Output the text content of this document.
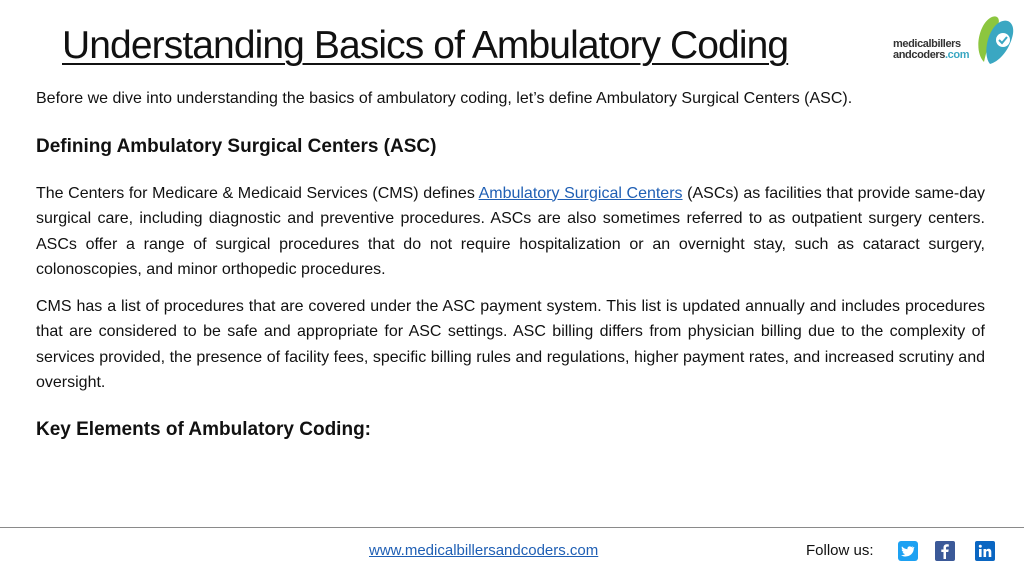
Understanding Basics of Ambulatory Coding	medicalbillers
andcoders.com

Before we dive into understanding the basics of ambulatory coding, let’s define Ambulatory Surgical Centers (ASC).

Defining Ambulatory Surgical Centers (ASC)

The Centers for Medicare & Medicaid Services (CMS) defines Ambulatory Surgical Centers (ASCs) as facilities that provide same-day surgical care, including diagnostic and preventive procedures. ASCs are also sometimes referred to as outpatient surgery centers. ASCs offer a range of surgical procedures that do not require hospitalization or an overnight stay, such as cataract surgery, colonoscopies, and minor orthopedic procedures.

CMS has a list of procedures that are covered under the ASC payment system. This list is updated annually and includes procedures that are considered to be safe and appropriate for ASC settings. ASC billing differs from physician billing due to the complexity of services provided, the presence of facility fees, specific billing rules and regulations, higher payment rates, and increased scrutiny and oversight.

Key Elements of Ambulatory Coding:

www.medicalbillersandcoders.com	Follow us:
